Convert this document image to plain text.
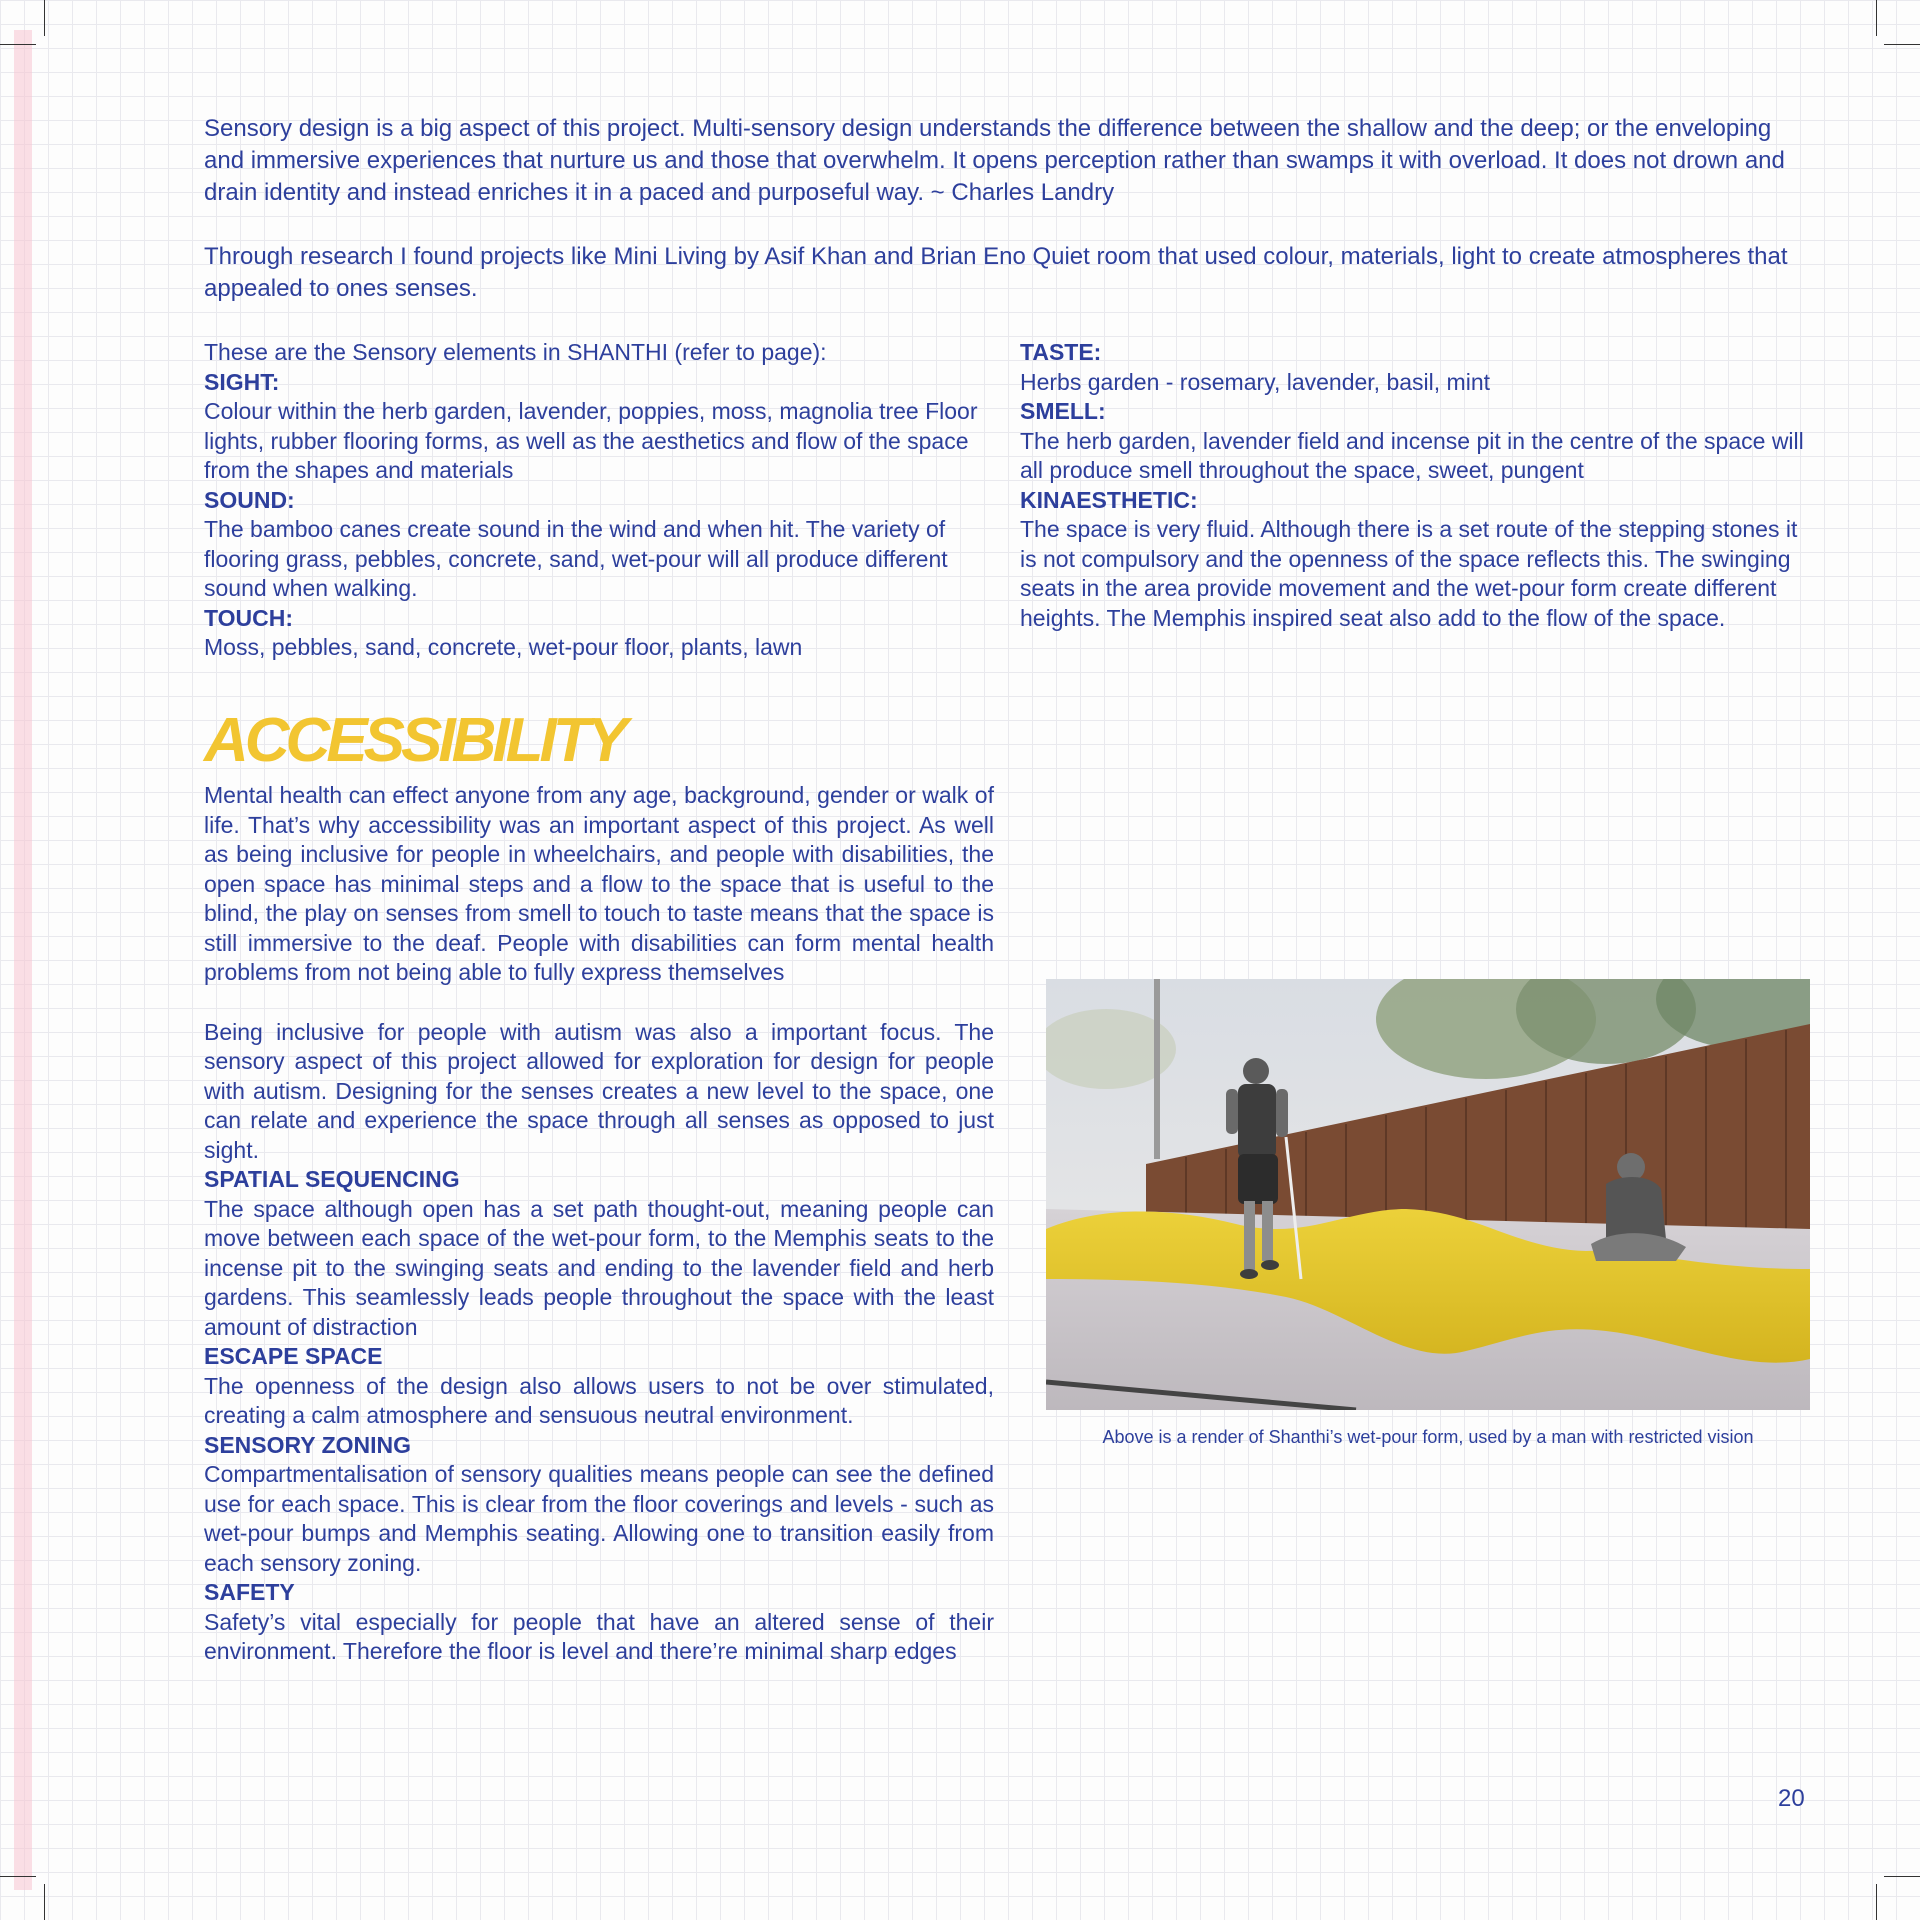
Sensory design is a big aspect of this project. Multi-sensory design understands the difference between the shallow and the deep; or the enveloping and immersive experiences that nurture us and those that overwhelm. It opens perception rather than swamps it with overload. It does not drown and drain identity and instead enriches it in a paced and purposeful way. ~ Charles Landry

Through research I found projects like Mini Living by Asif Khan and Brian Eno Quiet room that used colour, materials, light to create atmospheres that appealed to ones senses.

These are the Sensory elements in SHANTHI (refer to page):

SIGHT:

Colour within the herb garden, lavender, poppies, moss, magnolia tree Floor lights, rubber flooring forms, as well as the aesthetics and flow of the space from the shapes and materials

SOUND:

The bamboo canes create sound in the wind and when hit. The variety of flooring grass, pebbles, concrete, sand, wet-pour will all produce different sound when walking.

TOUCH:

Moss, pebbles, sand, concrete, wet-pour floor, plants, lawn

TASTE:

Herbs garden - rosemary, lavender, basil, mint

SMELL:

The herb garden, lavender field and incense pit in the centre of the space will all produce smell throughout the space, sweet, pungent

KINAESTHETIC:

The space is very fluid. Although there is a set route of the stepping stones it is not compulsory and the openness of the space reflects this. The swinging seats in the area provide movement and the wet-pour form create different heights. The Memphis inspired seat also add to the flow of the space.

ACCESSIBILITY

Mental health can effect anyone from any age, background, gender or walk of life. That’s why accessibility was an important aspect of this project. As well as being inclusive for people in wheelchairs, and people with disabilities, the open space has minimal steps and a flow to the space that is useful to the blind, the play on senses from smell to touch to taste means that the space is still immersive to the deaf. People with disabilities can form mental health problems from not being able to fully express themselves

Being inclusive for people with autism was also a important focus. The sensory aspect of this project allowed for exploration for design for people with autism. Designing for the senses creates a new level to the space, one can relate and experience the space through all senses as opposed to just sight.

SPATIAL SEQUENCING

The space although open has a set path thought-out, meaning people can move between each space of the wet-pour form, to the Memphis seats to the incense pit to the swinging seats and ending to the lavender field and herb gardens. This seamlessly leads people throughout the space with the least amount of distraction

ESCAPE SPACE

The openness of the design also allows users to not be over stimulated, creating a calm atmosphere and sensuous neutral environment.

SENSORY ZONING

Compartmentalisation of sensory qualities means people can see the defined use for each space. This is clear from the floor coverings and levels - such as wet-pour bumps and Memphis seating. Allowing one to transition easily from each sensory zoning.

SAFETY

Safety’s vital especially for people that have an altered sense of their environment. Therefore the floor is level and there’re minimal sharp edges

Above is a render of Shanthi’s wet-pour form, used by a man with restricted vision
20
